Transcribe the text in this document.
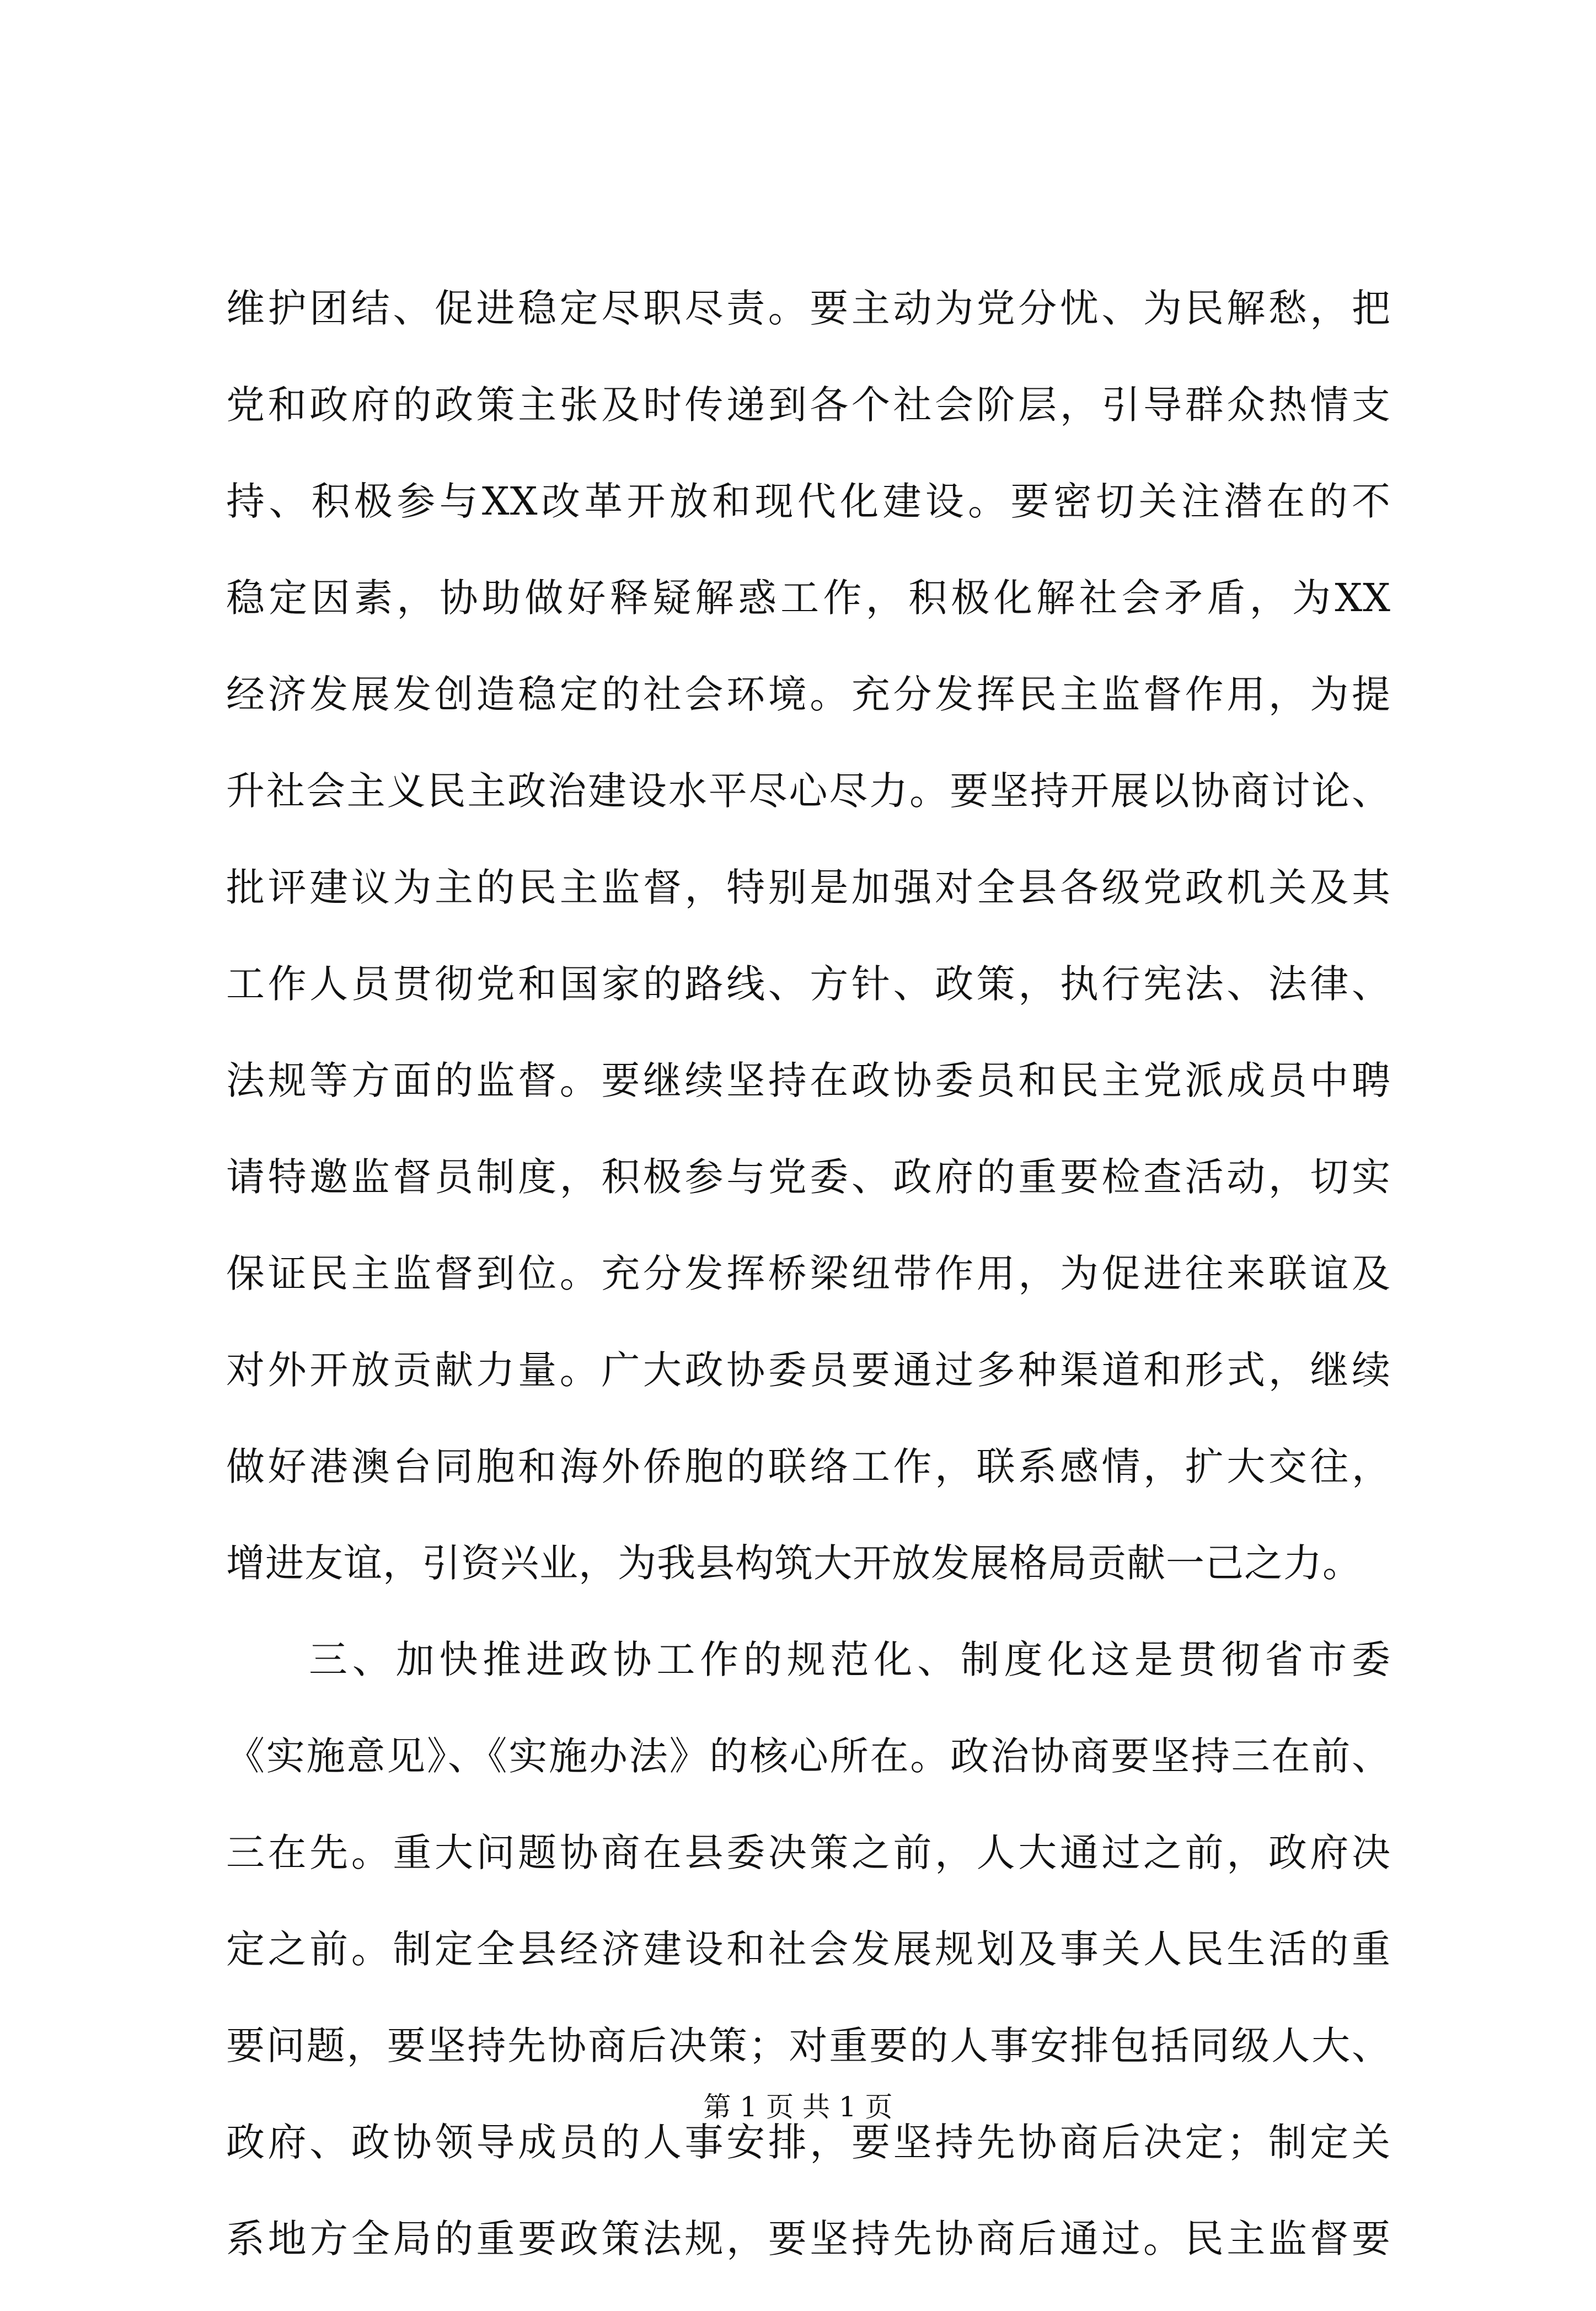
维护团结、促进稳定尽职尽责。要主动为党分忧、为民解愁，把
党和政府的政策主张及时传递到各个社会阶层，引导群众热情支
持、积极参与XX改革开放和现代化建设。要密切关注潜在的不
稳定因素，协助做好释疑解惑工作，积极化解社会矛盾，为XX
经济发展发创造稳定的社会环境。充分发挥民主监督作用，为提
升社会主义民主政治建设水平尽心尽力。要坚持开展以协商讨论、
批评建议为主的民主监督，特别是加强对全县各级党政机关及其
工作人员贯彻党和国家的路线、方针、政策，执行宪法、法律、
法规等方面的监督。要继续坚持在政协委员和民主党派成员中聘
请特邀监督员制度，积极参与党委、政府的重要检查活动，切实
保证民主监督到位。充分发挥桥梁纽带作用，为促进往来联谊及
对外开放贡献力量。广大政协委员要通过多种渠道和形式，继续
做好港澳台同胞和海外侨胞的联络工作，联系感情，扩大交往，
增进友谊，引资兴业，为我县构筑大开放发展格局贡献一己之力。
三、加快推进政协工作的规范化、制度化这是贯彻省市委
《实施意见》、《实施办法》的核心所在。政治协商要坚持三在前、
三在先。重大问题协商在县委决策之前，人大通过之前，政府决
定之前。制定全县经济建设和社会发展规划及事关人民生活的重
要问题，要坚持先协商后决策；对重要的人事安排包括同级人大、
政府、政协领导成员的人事安排，要坚持先协商后决定；制定关
系地方全局的重要政策法规，要坚持先协商后通过。民主监督要
第 1 页 共 1 页
